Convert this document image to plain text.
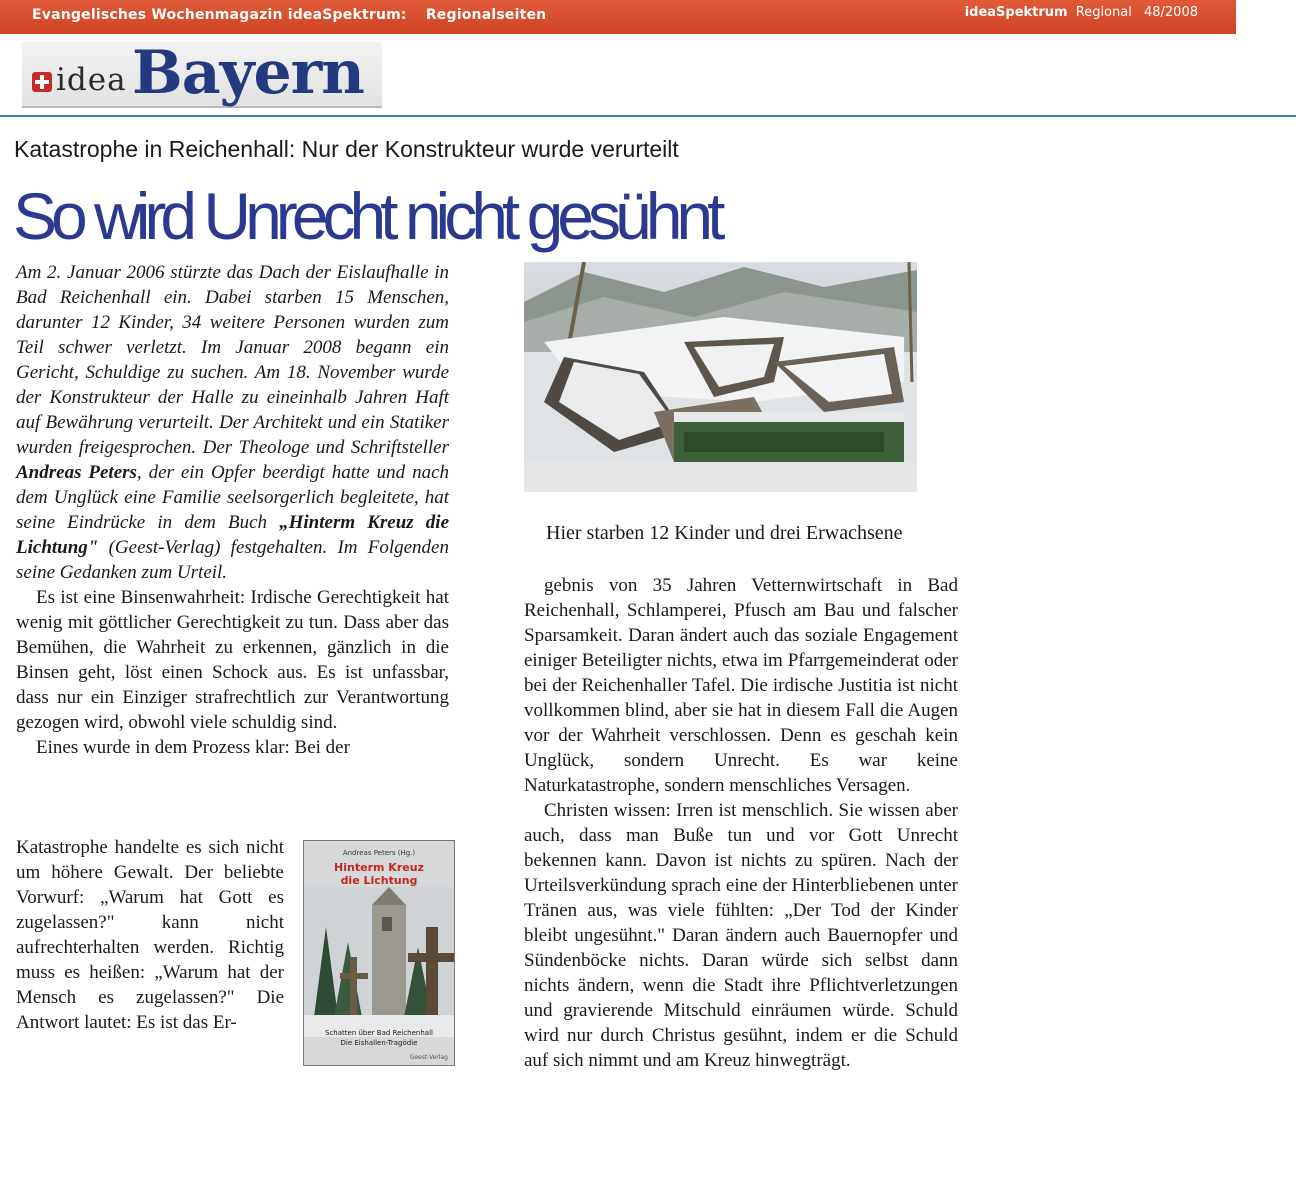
Evangelisches Wochenmagazin ideaSpektrum: Regionalseiten	ideaSpektrum Regional 48/2008
idea Bayern
Katastrophe in Reichenhall: Nur der Konstrukteur wurde verurteilt
So wird Unrecht nicht gesühnt

Am 2. Januar 2006 stürzte das Dach der Eislaufhalle in Bad Reichenhall ein. Dabei starben 15 Menschen, darunter 12 Kinder, 34 weitere Personen wurden zum Teil schwer verletzt. Im Januar 2008 begann ein Gericht, Schuldige zu suchen. Am 18. November wurde der Konstrukteur der Halle zu eineinhalb Jahren Haft auf Bewährung verurteilt. Der Architekt und ein Statiker wurden freigesprochen. Der Theologe und Schriftsteller Andreas Peters, der ein Opfer beerdigt hatte und nach dem Unglück eine Familie seelsorgerlich begleitete, hat seine Eindrücke in dem Buch „Hinterm Kreuz die Lichtung" (Geest-Verlag) festgehalten. Im Folgenden seine Gedanken zum Urteil.

Es ist eine Binsenwahrheit: Irdische Gerechtigkeit hat wenig mit göttlicher Gerechtigkeit zu tun. Dass aber das Bemühen, die Wahrheit zu erkennen, gänzlich in die Binsen geht, löst einen Schock aus. Es ist unfassbar, dass nur ein Einziger strafrechtlich zur Verantwortung gezogen wird, obwohl viele schuldig sind.

Eines wurde in dem Prozess klar: Bei der

Katastrophe handelte es sich nicht um höhere Gewalt. Der beliebte Vorwurf: „Warum hat Gott es zugelassen?" kann nicht aufrechterhalten werden. Richtig muss es heißen: „Warum hat der Mensch es zugelassen?" Die Antwort lautet: Es ist das Er-

Andreas Peters (Hg.)
Hinterm Kreuz
die Lichtung
Schatten über Bad Reichenhall
Die Eishallen-Tragödie
Geest-Verlag
Hier starben 12 Kinder und drei Erwachsene

gebnis von 35 Jahren Vetternwirtschaft in Bad Reichenhall, Schlamperei, Pfusch am Bau und falscher Sparsamkeit. Daran ändert auch das soziale Engagement einiger Beteiligter nichts, etwa im Pfarrgemeinderat oder bei der Reichenhaller Tafel. Die irdische Justitia ist nicht vollkommen blind, aber sie hat in diesem Fall die Augen vor der Wahrheit verschlossen. Denn es geschah kein Unglück, sondern Unrecht. Es war keine Naturkatastrophe, sondern menschliches Versagen.

Christen wissen: Irren ist menschlich. Sie wissen aber auch, dass man Buße tun und vor Gott Unrecht bekennen kann. Davon ist nichts zu spüren. Nach der Urteilsverkündung sprach eine der Hinterbliebenen unter Tränen aus, was viele fühlten: „Der Tod der Kinder bleibt ungesühnt." Daran ändern auch Bauernopfer und Sündenböcke nichts. Daran würde sich selbst dann nichts ändern, wenn die Stadt ihre Pflichtverletzungen und gravierende Mitschuld einräumen würde. Schuld wird nur durch Christus gesühnt, indem er die Schuld auf sich nimmt und am Kreuz hinwegträgt.
